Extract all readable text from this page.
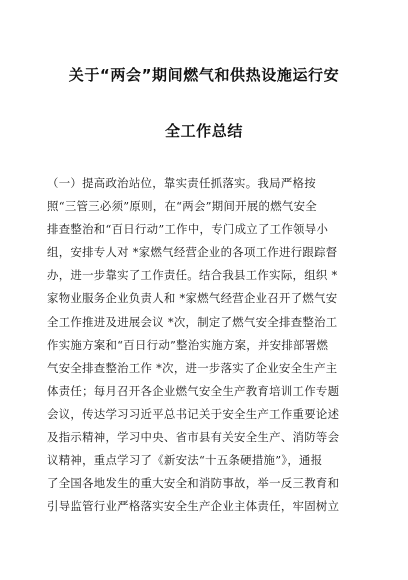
关于“两会”期间燃气和供热设施运行安
全工作总结
（一）提高政治站位，靠实责任抓落实。我局严格按
照“三管三必须”原则，在“两会”期间开展的燃气安全
排查整治和“百日行动”工作中，专门成立了工作领导小
组，安排专人对 *家燃气经营企业的各项工作进行跟踪督
办，进一步靠实了工作责任。结合我县工作实际，组织 *
家物业服务企业负责人和 *家燃气经营企业召开了燃气安
全工作推进及进展会议 *次，制定了燃气安全排查整治工
作实施方案和“百日行动”整治实施方案，并安排部署燃
气安全排查整治工作 *次，进一步落实了企业安全生产主
体责任；每月召开各企业燃气安全生产教育培训工作专题
会议，传达学习习近平总书记关于安全生产工作重要论述
及指示精神，学习中央、省市县有关安全生产、消防等会
议精神，重点学习了《新安法“十五条硬措施”》，通报
了全国各地发生的重大安全和消防事故，举一反三教育和
引导监管行业严格落实安全生产企业主体责任，牢固树立
